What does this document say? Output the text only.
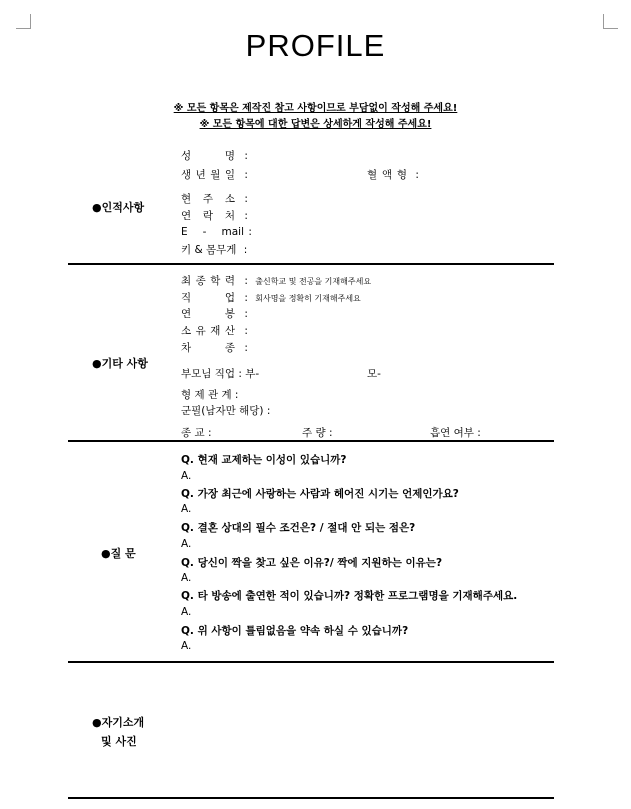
PROFILE
※ 모든 항목은 제작진 참고 사항이므로 부담없이 작성해 주세요!
※ 모든 항목에 대한 답변은 상세하게 작성해 주세요!
●인적사항
성 명 :
생 년 월 일 :	혈 액 형 :
현 주 소 :
연 락 처 :
E - mail :
키 & 몸무게 :
●기타 사항
최 종 학 력 : 출신학교 및 전공을 기재해주세요
직 업 : 회사명을 정확히 기재해주세요
연 봉 :
소 유 재 산 :
차 종 :
부모님 직업 : 부-	모-
형 제 관 계 :
군필(남자만 해당) :
종 교 :	주 량 :	흡연 여부 :
●질 문
Q. 현재 교제하는 이성이 있습니까?
A.
Q. 가장 최근에 사랑하는 사람과 헤어진 시기는 언제인가요?
A.
Q. 결혼 상대의 필수 조건은? / 절대 안 되는 점은?
A.
Q. 당신이 짝을 찾고 싶은 이유?/ 짝에 지원하는 이유는?
A.
Q. 타 방송에 출연한 적이 있습니까? 정확한 프로그램명을 기재해주세요.
A.
Q. 위 사항이 틀림없음을 약속 하실 수 있습니까?
A.
●자기소개
및 사진
